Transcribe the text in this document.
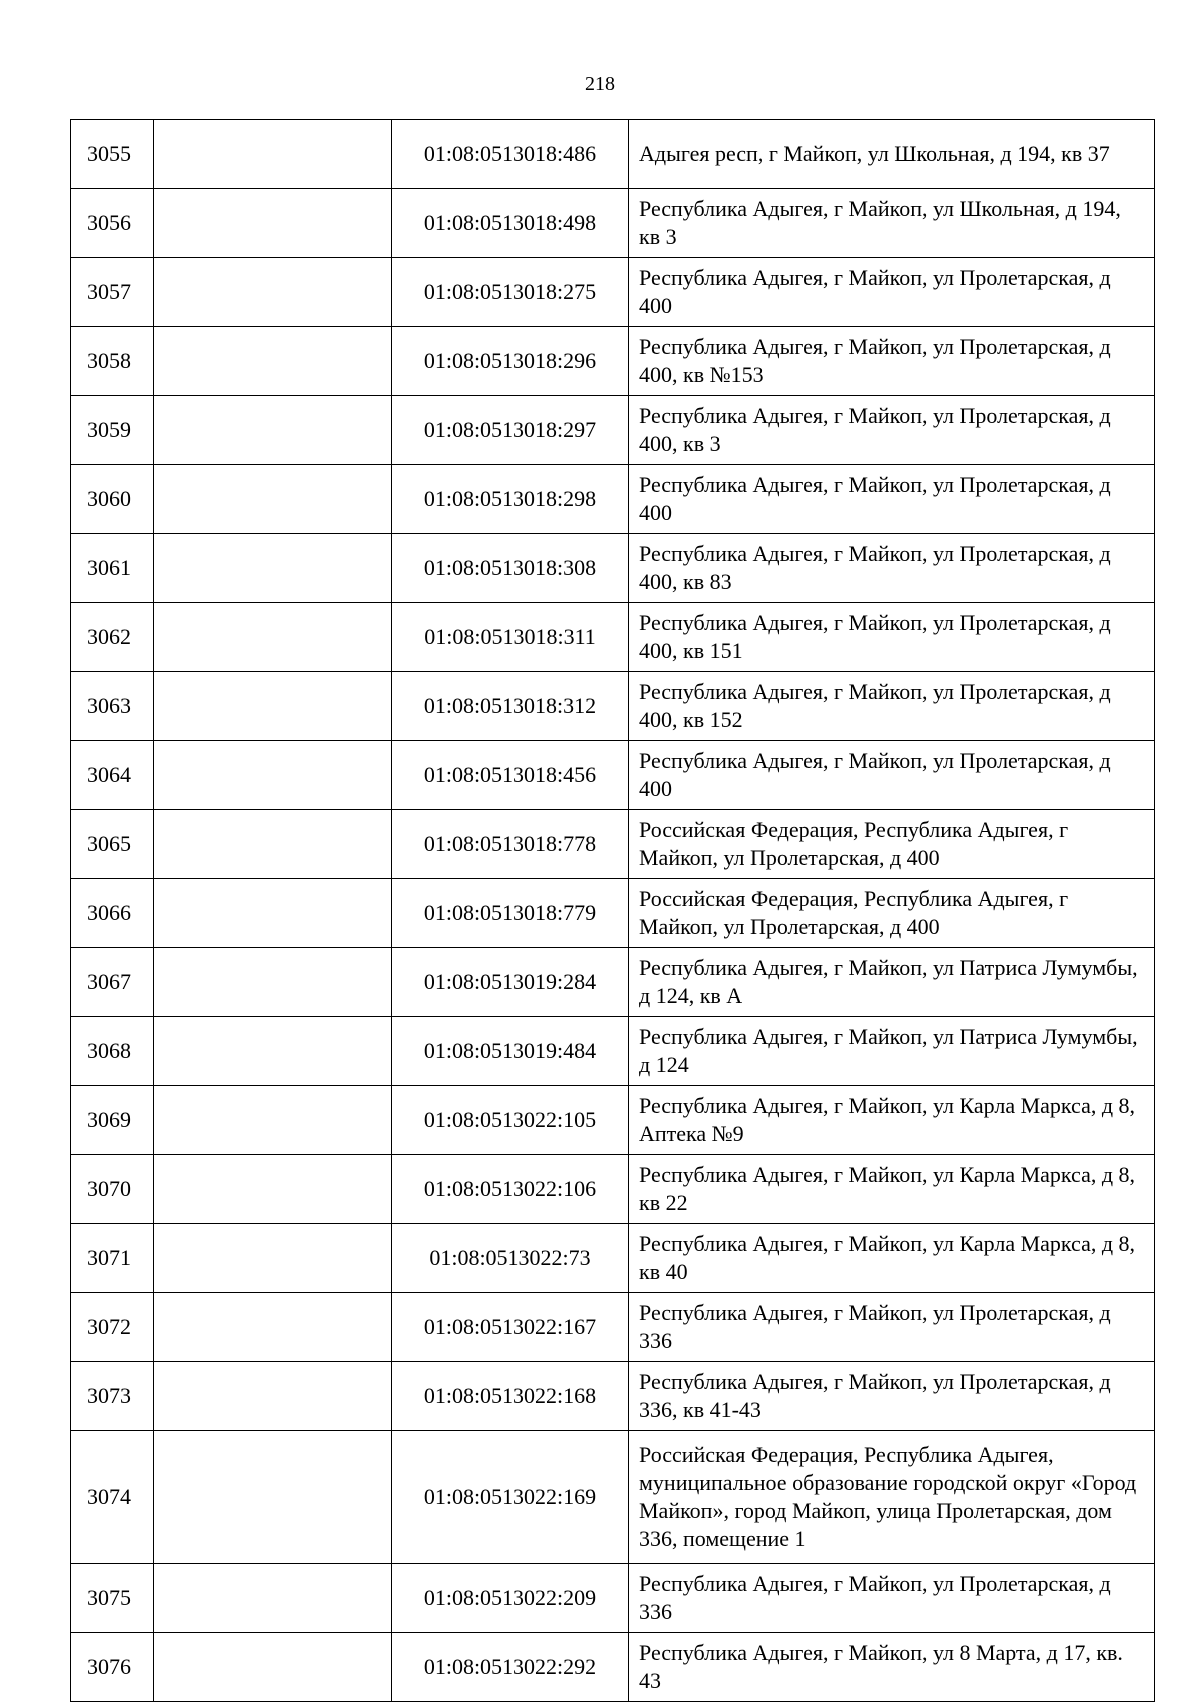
218
3055		01:08:0513018:486	Адыгея респ, г Майкоп, ул Школьная, д 194, кв 37
3056		01:08:0513018:498	Республика Адыгея, г Майкоп, ул Школьная, д 194, кв 3
3057		01:08:0513018:275	Республика Адыгея, г Майкоп, ул Пролетарская, д 400
3058		01:08:0513018:296	Республика Адыгея, г Майкоп, ул Пролетарская, д 400, кв №153
3059		01:08:0513018:297	Республика Адыгея, г Майкоп, ул Пролетарская, д 400, кв 3
3060		01:08:0513018:298	Республика Адыгея, г Майкоп, ул Пролетарская, д 400
3061		01:08:0513018:308	Республика Адыгея, г Майкоп, ул Пролетарская, д 400, кв 83
3062		01:08:0513018:311	Республика Адыгея, г Майкоп, ул Пролетарская, д 400, кв 151
3063		01:08:0513018:312	Республика Адыгея, г Майкоп, ул Пролетарская, д 400, кв 152
3064		01:08:0513018:456	Республика Адыгея, г Майкоп, ул Пролетарская, д 400
3065		01:08:0513018:778	Российская Федерация, Республика Адыгея, г Майкоп, ул Пролетарская, д 400
3066		01:08:0513018:779	Российская Федерация, Республика Адыгея, г Майкоп, ул Пролетарская, д 400
3067		01:08:0513019:284	Республика Адыгея, г Майкоп, ул Патриса Лумумбы, д 124, кв А
3068		01:08:0513019:484	Республика Адыгея, г Майкоп, ул Патриса Лумумбы, д 124
3069		01:08:0513022:105	Республика Адыгея, г Майкоп, ул Карла Маркса, д 8, Аптека №9
3070		01:08:0513022:106	Республика Адыгея, г Майкоп, ул Карла Маркса, д 8, кв 22
3071		01:08:0513022:73	Республика Адыгея, г Майкоп, ул Карла Маркса, д 8, кв 40
3072		01:08:0513022:167	Республика Адыгея, г Майкоп, ул Пролетарская, д 336
3073		01:08:0513022:168	Республика Адыгея, г Майкоп, ул Пролетарская, д 336, кв 41-43
3074		01:08:0513022:169	Российская Федерация, Республика Адыгея, муниципальное образование городской округ «Город Майкоп», город Майкоп, улица Пролетарская, дом 336, помещение 1
3075		01:08:0513022:209	Республика Адыгея, г Майкоп, ул Пролетарская, д 336
3076		01:08:0513022:292	Республика Адыгея, г Майкоп, ул 8 Марта, д 17, кв. 43
